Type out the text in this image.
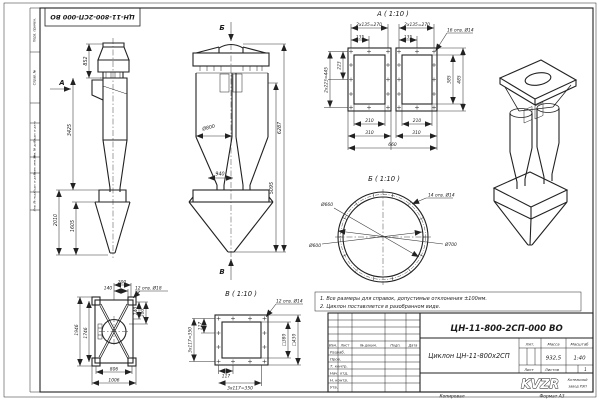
Перв. примен.
Справ. №
Подп. и дата
Инв. № дубл.
Взам. инв. №
Подп. и дата
Инв. № подл.
ЦН-11-800-2СП-000 ВО
852
3425
2010	1605
А
Б
Ø800
940
5095
6287
В
А ( 1:10 )
2x135=270	2x135=270
135	135
16 отв. Ø14
223
2x223=445	385 485
210	210
310	310
660
Б ( 1:10 )
14 отв. Ø14
Ø660
Ø600	Ø700
В ( 1:10 )
12 отв. Ø14
117
3x117=350	□380 □430
117
3x117=350
200
140	12 отв. Ø18
1946 1746
140 200
806
1006
1. Все размеры для справок, допустимые отклонения ±100мм.
2. Циклон поставляется в разобранном виде.
Изм. Лист	№ докум.	Подп. Дата
Разраб.
Пров.
Т. контр.
Нач. отд.
Н. контр.
Утв.
ЦН-11-800-2СП-000 ВО
Циклон ЦН-11-800х2СП
Лит.	Масса	Масштаб
932,5 1:40
Лист	Листов	1
KVZR	Котельный
завод РЭП
Копировал	Формат А3
